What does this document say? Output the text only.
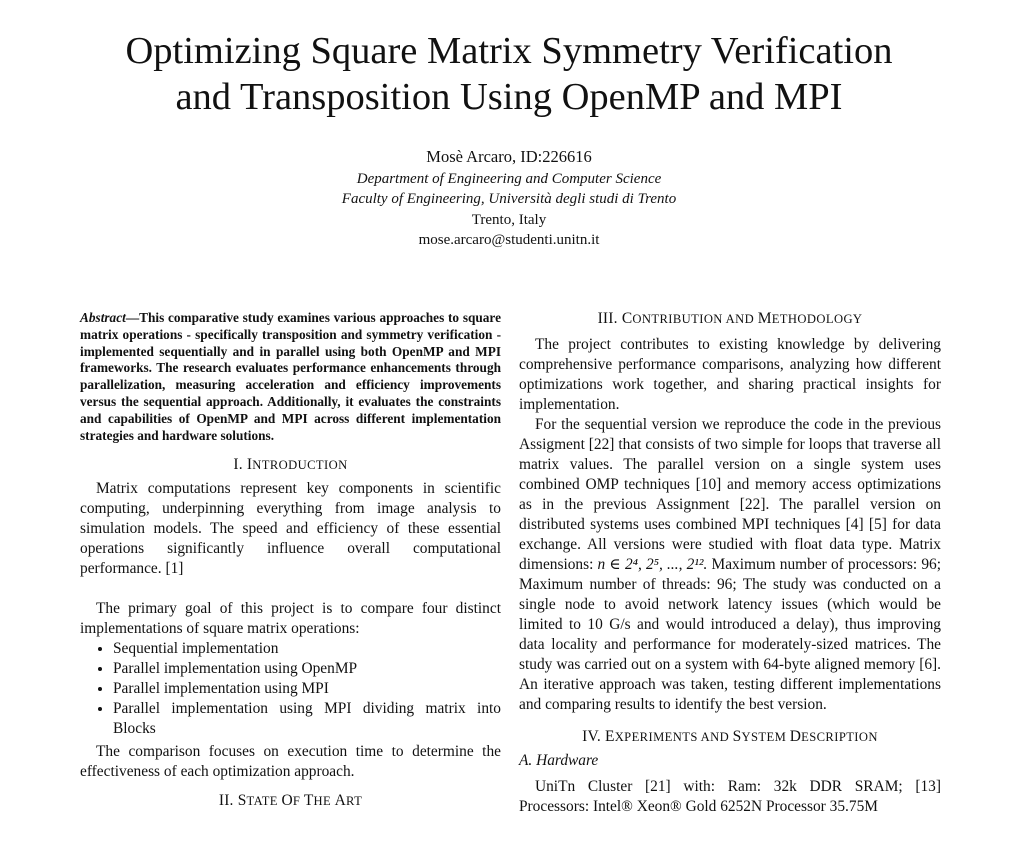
Optimizing Square Matrix Symmetry Verification
and Transposition Using OpenMP and MPI
Mosè Arcaro, ID:226616
Department of Engineering and Computer Science
Faculty of Engineering, Università degli studi di Trento
Trento, Italy
mose.arcaro@studenti.unitn.it

Abstract—This comparative study examines various approaches to square matrix operations - specifically transposition and symmetry verification - implemented sequentially and in parallel using both OpenMP and MPI frameworks. The research evaluates performance enhancements through parallelization, measuring acceleration and efficiency improvements versus the sequential approach. Additionally, it evaluates the constraints and capabilities of OpenMP and MPI across different implementation strategies and hardware solutions.

I. INTRODUCTION

Matrix computations represent key components in scientific computing, underpinning everything from image analysis to simulation models. The speed and efficiency of these essential operations significantly influence overall computational performance. [1]

The primary goal of this project is to compare four distinct implementations of square matrix operations:

• Sequential implementation
• Parallel implementation using OpenMP
• Parallel implementation using MPI
• Parallel implementation using MPI dividing matrix into Blocks

The comparison focuses on execution time to determine the effectiveness of each optimization approach.

II. STATE OF THE ART
III. CONTRIBUTION AND METHODOLOGY

The project contributes to existing knowledge by delivering comprehensive performance comparisons, analyzing how different optimizations work together, and sharing practical insights for implementation.

For the sequential version we reproduce the code in the previous Assigment [22] that consists of two simple for loops that traverse all matrix values. The parallel version on a single system uses combined OMP techniques [10] and memory access optimizations as in the previous Assignment [22]. The parallel version on distributed systems uses combined MPI techniques [4] [5] for data exchange. All versions were studied with float data type. Matrix dimensions: n ∈ 2⁴, 2⁵, ..., 2¹². Maximum number of processors: 96; Maximum number of threads: 96; The study was conducted on a single node to avoid network latency issues (which would be limited to 10 G/s and would introduced a delay), thus improving data locality and performance for moderately-sized matrices. The study was carried out on a system with 64-byte aligned memory [6]. An iterative approach was taken, testing different implementations and comparing results to identify the best version.

IV. EXPERIMENTS AND SYSTEM DESCRIPTION

A. Hardware

UniTn Cluster [21] with: Ram: 32k DDR SRAM; [13] Processors: Intel® Xeon® Gold 6252N Processor 35.75M
